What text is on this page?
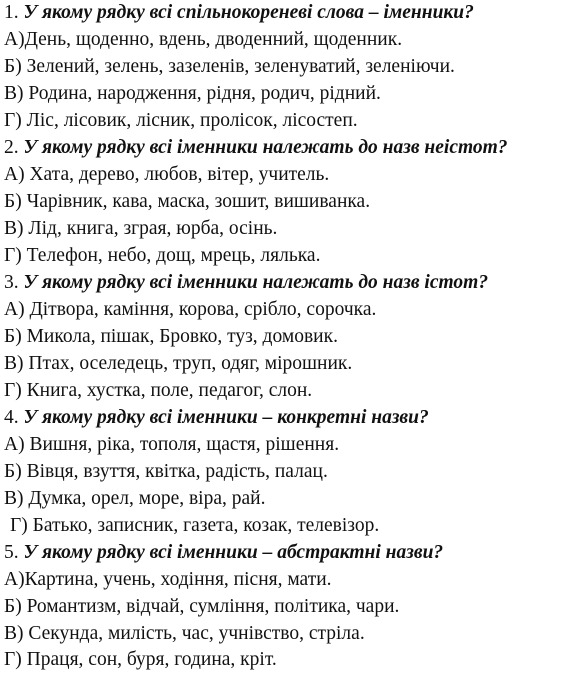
1. У якому рядку всі спільнокореневі слова – іменники?
А)День, щоденно, вдень, дводенний, щоденник.
Б) Зелений, зелень, зазеленів, зеленуватий, зеленіючи.
В) Родина, народження, рідня, родич, рідний.
Г) Ліс, лісовик, лісник, пролісок, лісостеп.
2. У якому рядку всі іменники належать до назв неістот?
А) Хата, дерево, любов, вітер, учитель.
Б) Чарівник, кава, маска, зошит, вишиванка.
В) Лід, книга, зграя, юрба, осінь.
Г) Телефон, небо, дощ, мрець, лялька.
3. У якому рядку всі іменники належать до назв істот?
А) Дітвора, каміння, корова, срібло, сорочка.
Б) Микола, пішак, Бровко, туз, домовик.
В) Птах, оселедець, труп, одяг, мірошник.
Г) Книга, хустка, поле, педагог, слон.
4. У якому рядку всі іменники – конкретні назви?
А) Вишня, ріка, тополя, щастя, рішення.
Б) Вівця, взуття, квітка, радість, палац.
В) Думка, орел, море, віра, рай.
Г) Батько, записник, газета, козак, телевізор.
5. У якому рядку всі іменники – абстрактні назви?
А)Картина, учень, ходіння, пісня, мати.
Б) Романтизм, відчай, сумління, політика, чари.
В) Секунда, милість, час, учнівство, стріла.
Г) Праця, сон, буря, година, кріт.
